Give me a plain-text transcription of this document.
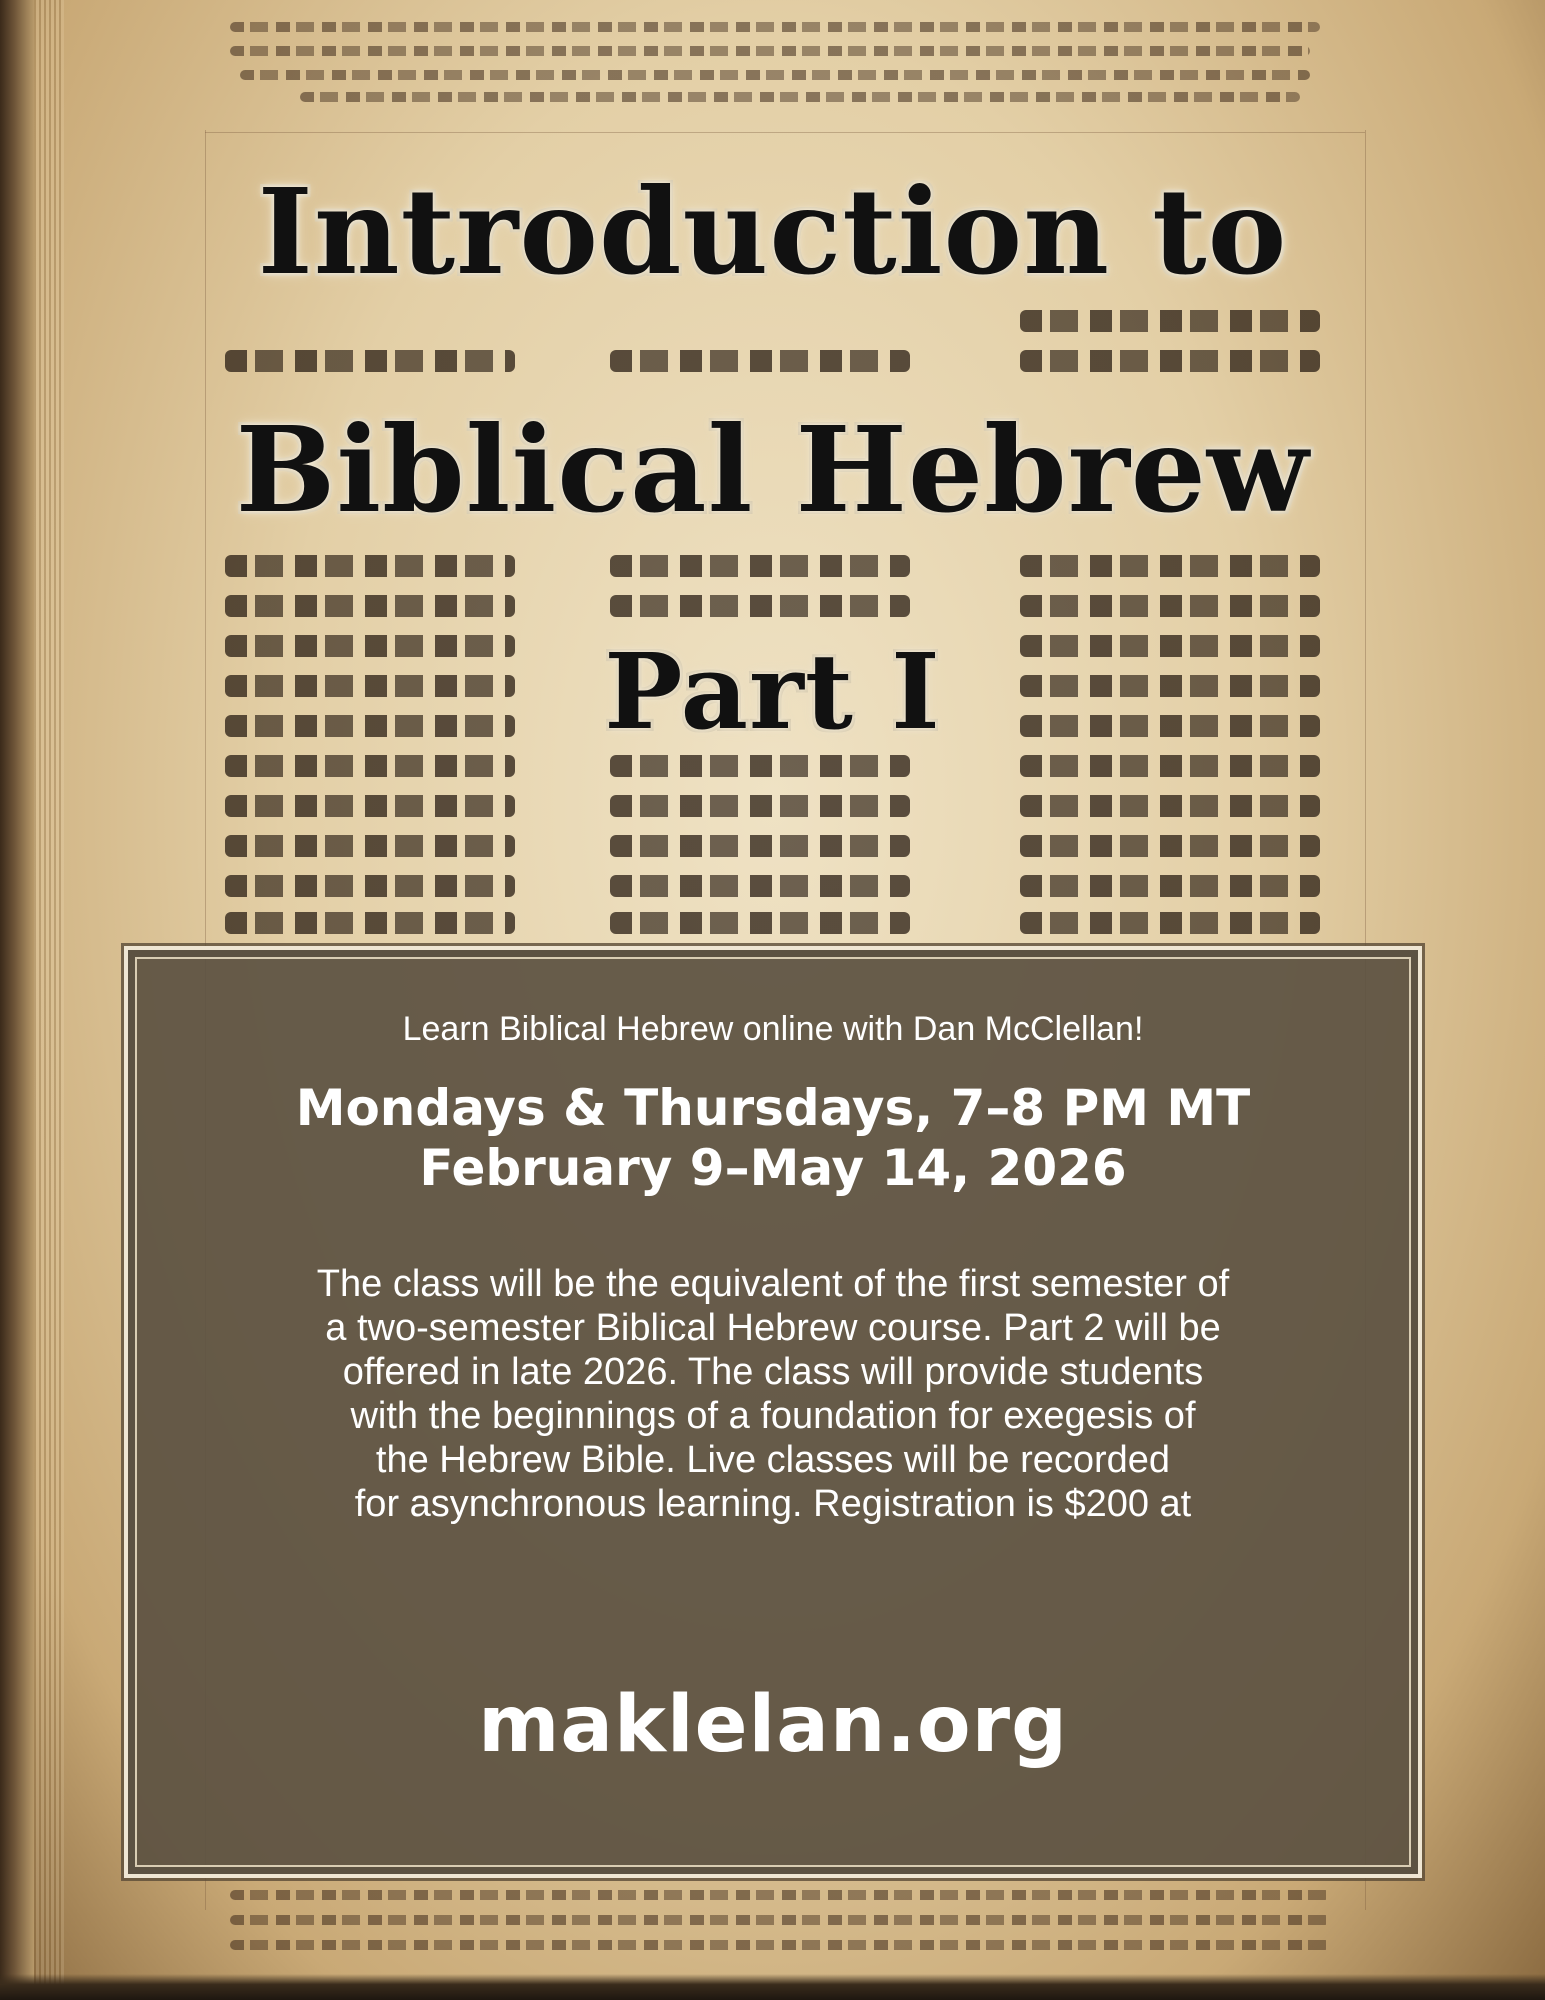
Introduction to
Biblical Hebrew
Part I
Learn Biblical Hebrew online with Dan McClellan!
Mondays & Thursdays, 7–8 PM MT
February 9–May 14, 2026
The class will be the equivalent of the first semester of
a two-semester Biblical Hebrew course. Part 2 will be
offered in late 2026. The class will provide students
with the beginnings of a foundation for exegesis of
the Hebrew Bible. Live classes will be recorded
for asynchronous learning. Registration is $200 at
maklelan.org
